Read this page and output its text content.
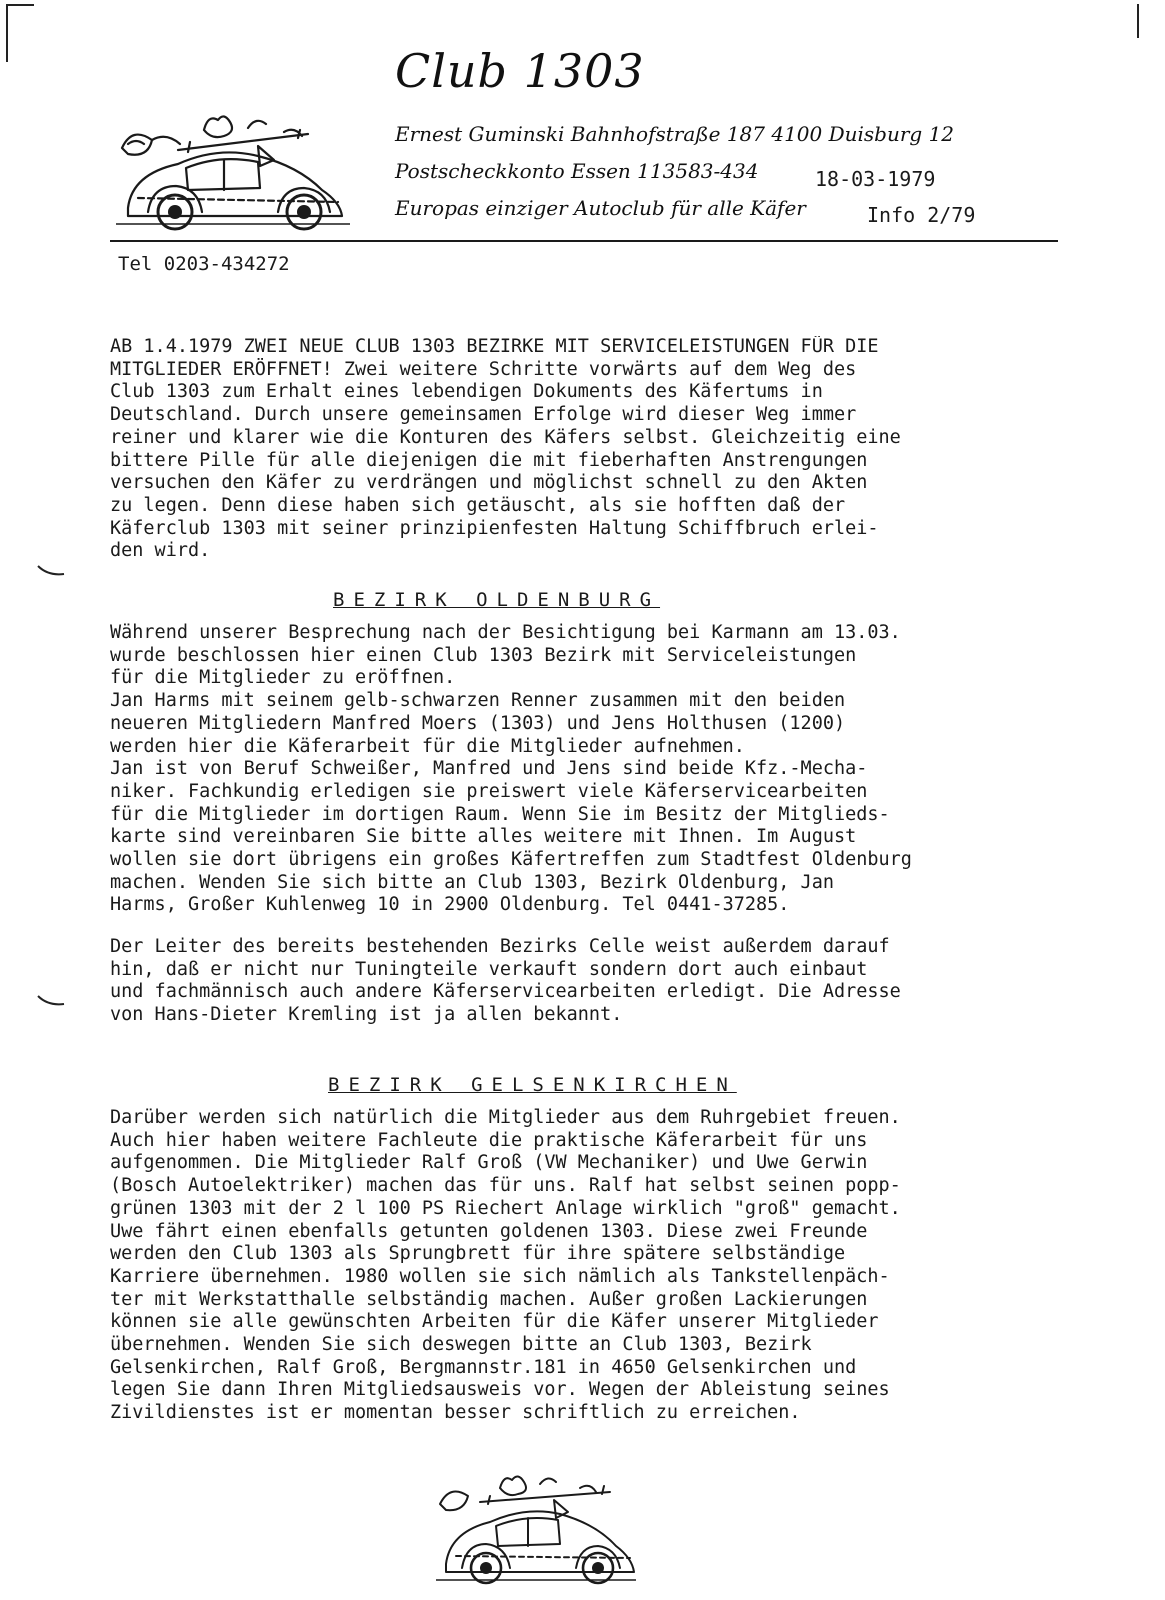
Club 1303
Ernest Guminski Bahnhofstraße 187 4100 Duisburg 12
Postscheckkonto Essen 113583-434
Europas einziger Autoclub für alle Käfer
18-03-1979
Info 2/79
Tel 0203-434272
AB 1.4.1979 ZWEI NEUE CLUB 1303 BEZIRKE MIT SERVICELEISTUNGEN FÜR DIE
MITGLIEDER ERÖFFNET! Zwei weitere Schritte vorwärts auf dem Weg des
Club 1303 zum Erhalt eines lebendigen Dokuments des Käfertums in
Deutschland. Durch unsere gemeinsamen Erfolge wird dieser Weg immer
reiner und klarer wie die Konturen des Käfers selbst. Gleichzeitig eine
bittere Pille für alle diejenigen die mit fieberhaften Anstrengungen
versuchen den Käfer zu verdrängen und möglichst schnell zu den Akten
zu legen. Denn diese haben sich getäuscht, als sie hofften daß der
Käferclub 1303 mit seiner prinzipienfesten Haltung Schiffbruch erlei-
den wird.
BEZIRK OLDENBURG
Während unserer Besprechung nach der Besichtigung bei Karmann am 13.03.
wurde beschlossen hier einen Club 1303 Bezirk mit Serviceleistungen
für die Mitglieder zu eröffnen.
Jan Harms mit seinem gelb-schwarzen Renner zusammen mit den beiden
neueren Mitgliedern Manfred Moers (1303) und Jens Holthusen (1200)
werden hier die Käferarbeit für die Mitglieder aufnehmen.
Jan ist von Beruf Schweißer, Manfred und Jens sind beide Kfz.-Mecha-
niker. Fachkundig erledigen sie preiswert viele Käferservicearbeiten
für die Mitglieder im dortigen Raum. Wenn Sie im Besitz der Mitglieds-
karte sind vereinbaren Sie bitte alles weitere mit Ihnen. Im August
wollen sie dort übrigens ein großes Käfertreffen zum Stadtfest Oldenburg
machen. Wenden Sie sich bitte an Club 1303, Bezirk Oldenburg, Jan
Harms, Großer Kuhlenweg 10 in 2900 Oldenburg. Tel 0441-37285.
Der Leiter des bereits bestehenden Bezirks Celle weist außerdem darauf
hin, daß er nicht nur Tuningteile verkauft sondern dort auch einbaut
und fachmännisch auch andere Käferservicearbeiten erledigt. Die Adresse
von Hans-Dieter Kremling ist ja allen bekannt.
BEZIRK GELSENKIRCHEN
Darüber werden sich natürlich die Mitglieder aus dem Ruhrgebiet freuen.
Auch hier haben weitere Fachleute die praktische Käferarbeit für uns
aufgenommen. Die Mitglieder Ralf Groß (VW Mechaniker) und Uwe Gerwin
(Bosch Autoelektriker) machen das für uns. Ralf hat selbst seinen popp-
grünen 1303 mit der 2 l 100 PS Riechert Anlage wirklich "groß" gemacht.
Uwe fährt einen ebenfalls getunten goldenen 1303. Diese zwei Freunde
werden den Club 1303 als Sprungbrett für ihre spätere selbständige
Karriere übernehmen. 1980 wollen sie sich nämlich als Tankstellenpäch-
ter mit Werkstatthalle selbständig machen. Außer großen Lackierungen
können sie alle gewünschten Arbeiten für die Käfer unserer Mitglieder
übernehmen. Wenden Sie sich deswegen bitte an Club 1303, Bezirk
Gelsenkirchen, Ralf Groß, Bergmannstr.181 in 4650 Gelsenkirchen und
legen Sie dann Ihren Mitgliedsausweis vor. Wegen der Ableistung seines
Zivildienstes ist er momentan besser schriftlich zu erreichen.
